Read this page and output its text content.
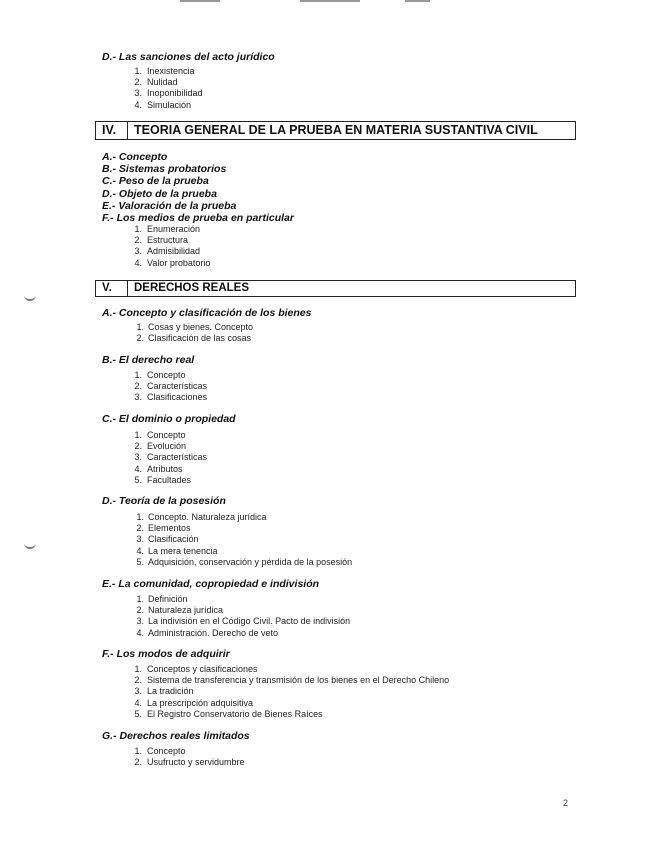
D.- Las sanciones del acto jurídico
1. Inexistencia
2. Nulidad
3. Inoponibilidad
4. Simulación
IV. TEORIA GENERAL DE LA PRUEBA EN MATERIA SUSTANTIVA CIVIL
A.- Concepto
B.- Sistemas probatorios
C.- Peso de la prueba
D.- Objeto de la prueba
E.- Valoración de la prueba
F.- Los medios de prueba en particular
1. Enumeración
2. Estructura
3. Admisibilidad
4. Valor probatorio
V. DERECHOS REALES
A.- Concepto y clasificación de los bienes
1. Cosas y bienes. Concepto
2. Clasificación de las cosas
B.- El derecho real
1. Concepto
2. Características
3. Clasificaciones
C.- El dominio o propiedad
1. Concepto
2. Evolución
3. Características
4. Atributos
5. Facultades
D.- Teoría de la posesión
1. Concepto. Naturaleza jurídica
2. Elementos
3. Clasificación
4. La mera tenencia
5. Adquisición, conservación y pérdida de la posesión
E.- La comunidad, copropiedad e indivisión
1. Definición
2. Naturaleza jurídica
3. La indivisión en el Código Civil. Pacto de indivisión
4. Administración. Derecho de veto
F.- Los modos de adquirir
1. Conceptos y clasificaciones
2. Sistema de transferencia y transmisión de los bienes en el Derecho Chileno
3. La tradición
4. La prescripción adquisitiva
5. El Registro Conservatorio de Bienes Raíces
G.- Derechos reales limitados
1. Concepto
2. Usufructo y servidumbre
2
